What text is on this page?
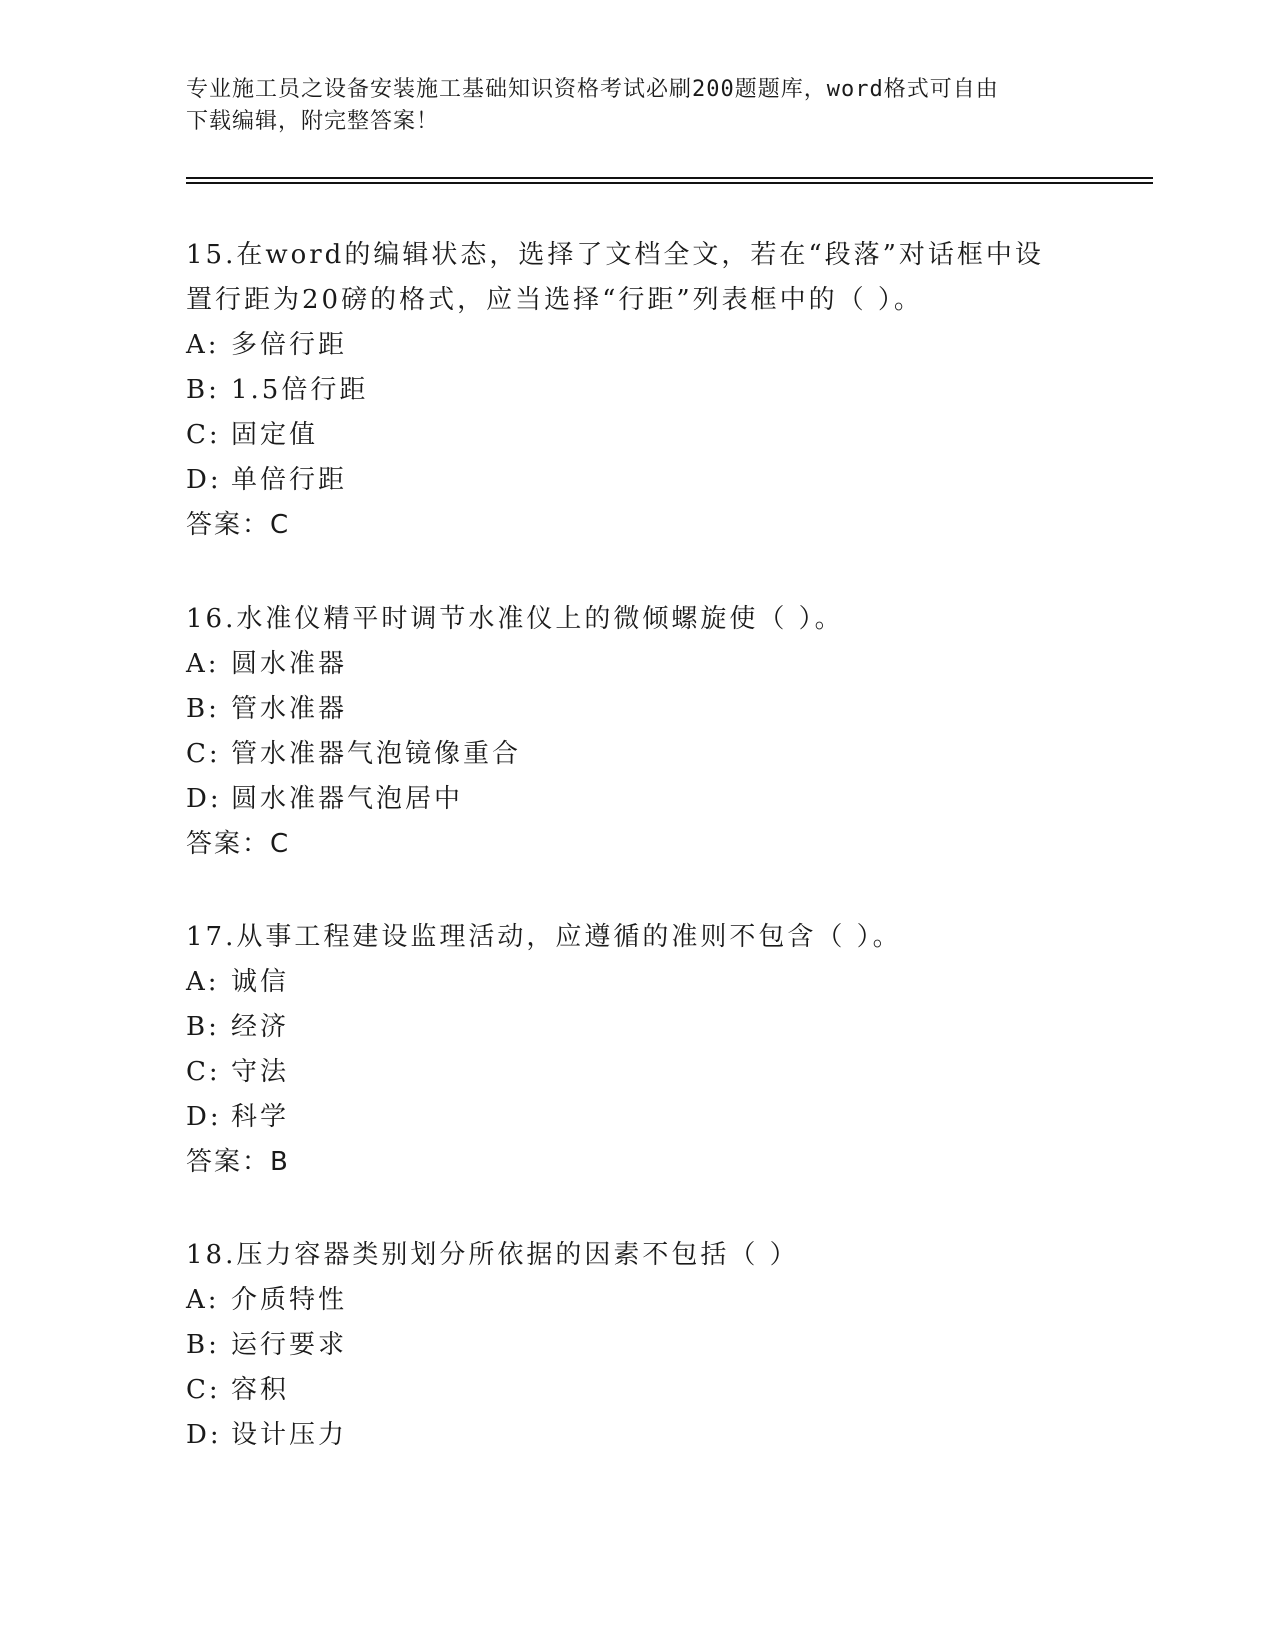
专业施工员之设备安装施工基础知识资格考试必刷200题题库，word格式可自由
下载编辑，附完整答案！

15.在word的编辑状态，选择了文档全文，若在“段落”对话框中设
置行距为20磅的格式，应当选择“行距”列表框中的（ ）。

A: 多倍行距

B: 1.5倍行距

C: 固定值

D: 单倍行距

答案：C

16.水准仪精平时调节水准仪上的微倾螺旋使（ ）。

A: 圆水准器

B: 管水准器

C: 管水准器气泡镜像重合

D: 圆水准器气泡居中

答案：C

17.从事工程建设监理活动，应遵循的准则不包含（ ）。

A: 诚信

B: 经济

C: 守法

D: 科学

答案：B

18.压力容器类别划分所依据的因素不包括（ ）

A: 介质特性

B: 运行要求

C: 容积

D: 设计压力
